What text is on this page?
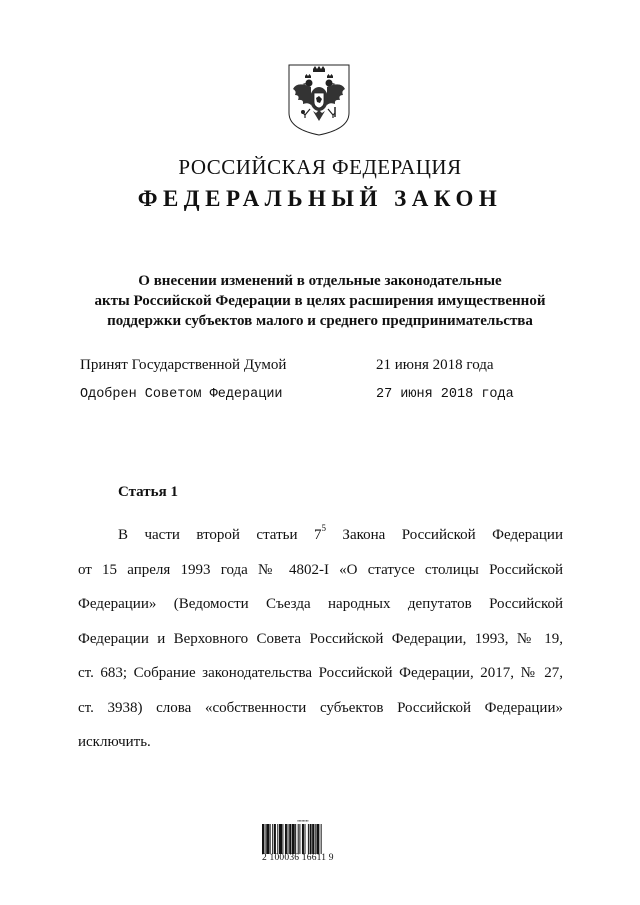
РОССИЙСКАЯ ФЕДЕРАЦИЯ
ФЕДЕРАЛЬНЫЙ ЗАКОН
О внесении изменений в отдельные законодательные
акты Российской Федерации в целях расширения имущественной
поддержки субъектов малого и среднего предпринимательства
Принят Государственной Думой	21 июня 2018 года
Одобрен Советом Федерации	27 июня 2018 года
Статья 1
В части второй статьи $7^5$ Закона Российской Федерации
от 15 апреля 1993 года № 4802-I «О статусе столицы Российской
Федерации» (Ведомости Съезда народных депутатов Российской
Федерации и Верховного Совета Российской Федерации, 1993, № 19,
ст. 683; Собрание законодательства Российской Федерации, 2017, № 27,
ст. 3938) слова «собственности субъектов Российской Федерации»
исключить.
▪▪▪▪▪▪▪▪
2 100036 16611 9
